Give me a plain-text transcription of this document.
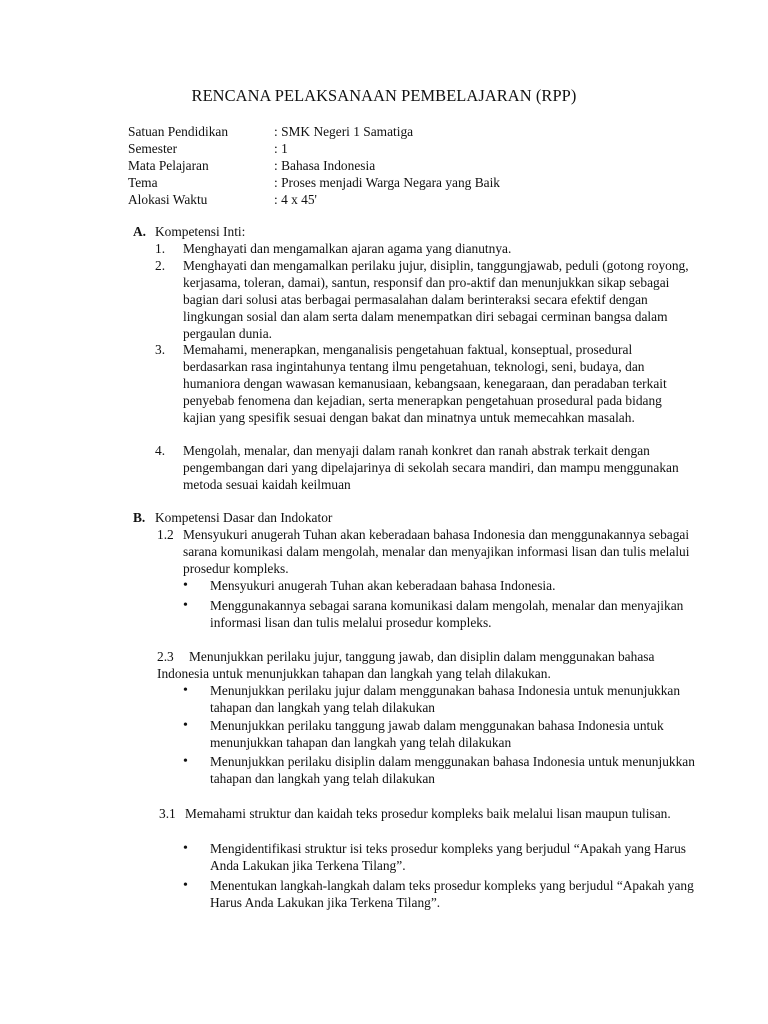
RENCANA PELAKSANAAN PEMBELAJARAN (RPP)
Satuan Pendidikan	: SMK Negeri 1 Samatiga
Semester	: 1
Mata Pelajaran	: Bahasa Indonesia
Tema	: Proses menjadi Warga Negara yang Baik
Alokasi Waktu	: 4 x 45'
A. Kompetensi Inti:
1. Menghayati dan mengamalkan ajaran agama yang dianutnya.
2. Menghayati dan mengamalkan perilaku jujur, disiplin, tanggungjawab, peduli (gotong royong, kerjasama, toleran, damai), santun, responsif dan pro-aktif dan menunjukkan sikap sebagai bagian dari solusi atas berbagai permasalahan dalam berinteraksi secara efektif dengan lingkungan sosial dan alam serta dalam menempatkan diri sebagai cerminan bangsa dalam pergaulan dunia.
3. Memahami, menerapkan, menganalisis pengetahuan faktual, konseptual, prosedural berdasarkan rasa ingintahunya tentang ilmu pengetahuan, teknologi, seni, budaya, dan humaniora dengan wawasan kemanusiaan, kebangsaan, kenegaraan, dan peradaban terkait penyebab fenomena dan kejadian, serta menerapkan pengetahuan prosedural pada bidang kajian yang spesifik sesuai dengan bakat dan minatnya untuk memecahkan masalah.
4. Mengolah, menalar, dan menyaji dalam ranah konkret dan ranah abstrak terkait dengan pengembangan dari yang dipelajarinya di sekolah secara mandiri, dan mampu menggunakan metoda sesuai kaidah keilmuan
B. Kompetensi Dasar dan Indokator
1.2 Mensyukuri anugerah Tuhan akan keberadaan bahasa Indonesia dan menggunakannya sebagai sarana komunikasi dalam mengolah, menalar dan menyajikan informasi lisan dan tulis melalui prosedur kompleks.
• Mensyukuri anugerah Tuhan akan keberadaan bahasa Indonesia.
• Menggunakannya sebagai sarana komunikasi dalam mengolah, menalar dan menyajikan informasi lisan dan tulis melalui prosedur kompleks.
2.3	Menunjukkan perilaku jujur, tanggung jawab, dan disiplin dalam menggunakan bahasa Indonesia untuk menunjukkan tahapan dan langkah yang telah dilakukan.
• Menunjukkan perilaku jujur dalam menggunakan bahasa Indonesia untuk menunjukkan tahapan dan langkah yang telah dilakukan
• Menunjukkan perilaku tanggung jawab dalam menggunakan bahasa Indonesia untuk menunjukkan tahapan dan langkah yang telah dilakukan
• Menunjukkan perilaku disiplin dalam menggunakan bahasa Indonesia untuk menunjukkan tahapan dan langkah yang telah dilakukan
3.1 Memahami struktur dan kaidah teks prosedur kompleks baik melalui lisan maupun tulisan.
• Mengidentifikasi struktur isi teks prosedur kompleks yang berjudul “Apakah yang Harus Anda Lakukan jika Terkena Tilang”.
• Menentukan langkah-langkah dalam teks prosedur kompleks yang berjudul “Apakah yang Harus Anda Lakukan jika Terkena Tilang”.
